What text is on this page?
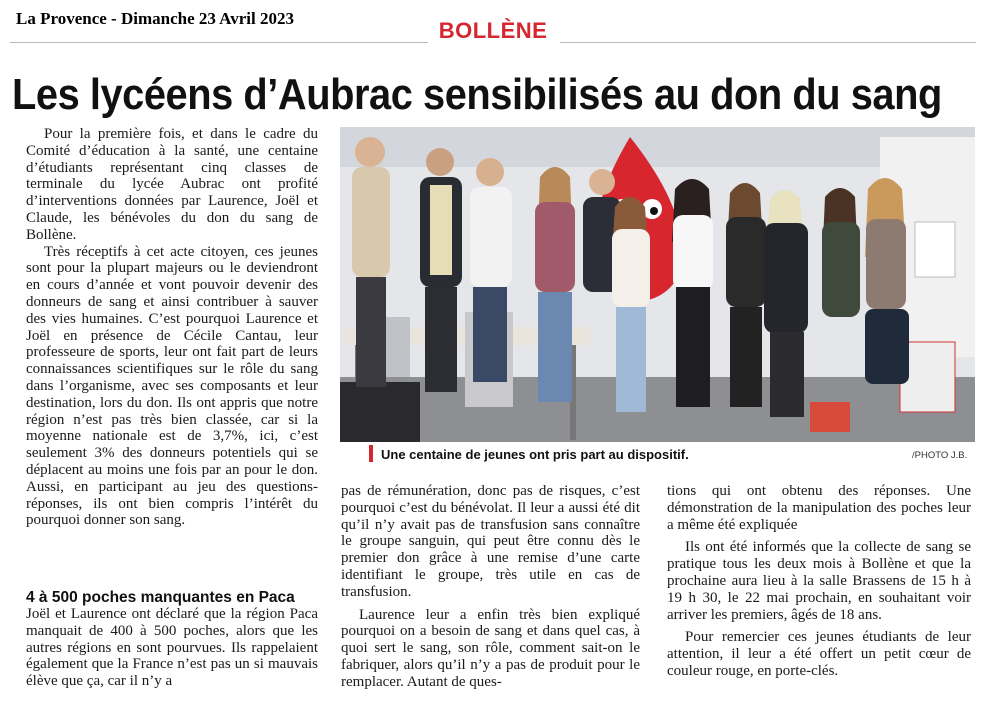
La Provence - Dimanche 23 Avril 2023	BOLLÈNE
Les lycéens d’Aubrac sensibilisés au don du sang

Pour la première fois, et dans le cadre du Comité d’éducation à la santé, une centaine d’étudiants représentant cinq classes de terminale du lycée Aubrac ont profité d’interventions données par Laurence, Joël et Claude, les bénévoles du don du sang de Bollène.

Très réceptifs à cet acte citoyen, ces jeunes sont pour la plupart majeurs ou le deviendront en cours d’année et vont pouvoir devenir des donneurs de sang et ainsi contribuer à sauver des vies humaines. C’est pourquoi Laurence et Joël en présence de Cécile Cantau, leur professeure de sports, leur ont fait part de leurs connaissances scientifiques sur le rôle du sang dans l’organisme, avec ses composants et leur destination, lors du don. Ils ont appris que notre région n’est pas très bien classée, car si la moyenne nationale est de 3,7%, ici, c’est seulement 3% des donneurs potentiels qui se déplacent au moins une fois par an pour le don. Aussi, en participant au jeu des questions-réponses, ils ont bien compris l’intérêt du pourquoi donner son sang.

4 à 500 poches manquantes en Paca

Joël et Laurence ont déclaré que la région Paca manquait de 400 à 500 poches, alors que les autres régions en sont pourvues. Ils rappelaient également que la France n’est pas un si mauvais élève que ça, car il n’y a

Une centaine de jeunes ont pris part au dispositif.	/PHOTO J.B.

pas de rémunération, donc pas de risques, c’est pourquoi c’est du bénévolat. Il leur a aussi été dit qu’il n’y avait pas de transfusion sans connaître le groupe sanguin, qui peut être connu dès le premier don grâce à une remise d’une carte identifiant le groupe, très utile en cas de transfusion.

Laurence leur a enfin très bien expliqué pourquoi on a besoin de sang et dans quel cas, à quoi sert le sang, son rôle, comment sait-on le fabriquer, alors qu’il n’y a pas de produit pour le remplacer. Autant de ques-

tions qui ont obtenu des réponses. Une démonstration de la manipulation des poches leur a même été expliquée

Ils ont été informés que la collecte de sang se pratique tous les deux mois à Bollène et que la prochaine aura lieu à la salle Brassens de 15 h à 19 h 30, le 22 mai prochain, en souhaitant voir arriver les premiers, âgés de 18 ans.

Pour remercier ces jeunes étudiants de leur attention, il leur a été offert un petit cœur de couleur rouge, en porte-clés.
